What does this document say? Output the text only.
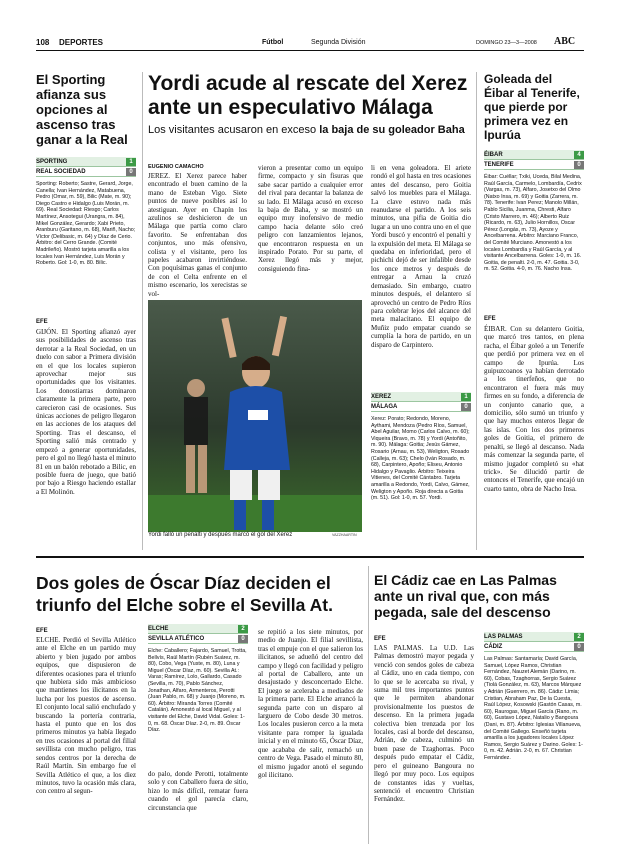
108 DEPORTES	Fútbol	Segunda División	DOMINGO 23—3—2008 ABC
El Sporting afianza sus opciones al ascenso tras ganar a la Real
SPORTING	1
REAL SOCIEDAD	0

Sporting: Roberto; Sastre, Gerard, Jorge, Canella; Ivan Hernández, Matabuena, Pedro (Omar, m. 59), Bilic (Mate, m. 90); Diego Castro e Hidalgo (Luis Morán, m. 69). Real Sociedad: Riesgo; Carlos Martínez, Ansotegui (Urangra, m. 84), Mikel González, Gerardo; Xabi Prieto, Aranburu (Garitano, m. 68), Mariñ, Nacho; Víctor (Delibasic, m. 64) y Díaz de Cerio. Árbitro: del Cerro Grande. (Comité Madrileño). Mostró tarjeta amarilla a los locales Ivan Hernández, Luis Morán y Roberto. Gol: 1-0, m. 80. Bilic.

EFE

GIJÓN. El Sporting afianzó ayer sus posibilidades de ascenso tras derrotar a la Real Sociedad, en un duelo con sabor a Primera división en el que los locales supieron aprovechar mejor sus oportunidades que los visitantes. Los donostiarras dominaron claramente la primera parte, pero carecieron casi de ocasiones. Sus únicas acciones de peligro llegaron en las acciones de los ataques del Sporting. Tras el descanso, el Sporting salió más centrado y empezó a generar oportunidades, pero el gol no llegó hasta el minuto 81 en un balón rebotado a Bilic, en posible fuera de juego, que batió por bajo a Riesgo haciendo estallar a El Molinón.

Yordi acude al rescate del Xerez ante un especulativo Málaga
Los visitantes acusaron en exceso la baja de su goleador Baha
EUGENIO CAMACHO

JEREZ. El Xerez parece haber encontrado el buen camino de la mano de Esteban Vigo. Siete puntos de nueve posibles así lo atestiguan. Ayer en Chapín los azulinos se deshicieron de un Málaga que partía como claro favorito. Se enfrentaban dos conjuntos, uno más ofensivo, colista y el visitante, pero los papeles acabaron invirtiéndose. Con poquísimas ganas el conjunto de con el Celta enfrente en el mismo escenario, los xerecistas se vol-

vieron a presentar como un equipo firme, compacto y sin fisuras que sabe sacar partido a cualquier error del rival para decantar la balanza de su lado. El Málaga acusó en exceso la baja de Baha, y se mostró un equipo muy inofensivo de medio campo hacia delante sólo creó peligro con lanzamientos lejanos, que encontraron respuesta en un inspirado Porato. Por su parte, el Xerez llegó más y mejor, consiguiendo fina-

li en vena goleadora. El ariete rondó el gol hasta en tres ocasiones antes del descanso, pero Goitia salvó los muebles para el Málaga. La clave estuvo nada más reanudarse el partido. A los seis minutos, una pifia de Goitia dio lugar a un uno contra uno en el que Yordi buscó y encontró el penalti y la expulsión del meta. El Málaga se quedaba en inferioridad, pero el pichichi dejó de ser infalible desde los once metros y después de entregar a Arnau la cruzó demasiado. Sin embargo, cuatro minutos después, el delantero sí aprovechó un centro de Pedro Ríos para celebrar lejos del alcance del meta malacitano. El equipo de Muñiz pudo empatar cuando se cumplía la hora de partido, en un disparo de Carpintero.

Yordi falló un penalti y después marcó el gol del Xerez	VAZZHAARTIN
XEREZ	1
MÁLAGA	0

Xerez: Porato; Redondo, Moreno, Aythami, Mendoza (Pedro Ríos, Samuel, Abel Aguilar, Momo (Carlos Calvo, m. 60); Viqueira (Bravo, m. 78) y Yordi (Antoñito, m. 90). Málaga: Goitia; Jesús Gámez, Rosario (Arnau, m. 53), Weligton, Rosado (Calleja, m. 63); Chelo (Iván Rosado, m. 68), Carpintero, Apoño; Eliseu, Antonio Hidalgo y Pavaglio. Árbitro: Teixeira Vitienes, del Comité Cántabro. Tarjeta amarilla a Redondo, Yordi, Calvo, Gámez, Weligton y Apoño. Roja directa a Goitia (m. 51). Gol: 1-0, m. 57. Yordi.

Goleada del Éibar al Tenerife, que pierde por primera vez en Ipurúa
ÉIBAR	4
TENERIFE	0

Éibar: Cuéllar; Txiki, Uceda, Bilal Medina, Raúl García, Carmelo, Lombardía, Cedrix (Vargas, m. 73), Alfaro, Josetxo del Olmo (Natxo Insa, m. 69) y Goitia (Zarrera, m. 78). Tenerife: Ivan Perez; Manolo Millán, Pablo Sicilia, Juanma, Chresti, Alfaro (Cristo Marrero, m. 46); Alberto Ruiz (Ricardo, m. 63), Julio Hornillos, Oscar Pérez (Longás, m. 73), Ayoze y Ancelbarrena. Árbitro: Marciano Franco, del Comité Murciano. Amonestó a los locales Lombardía y Raúl García, y al visitante Ancelbarrena. Goles: 1-0, m. 16. Goitia, de penalti. 2-0, m. 47. Goitia. 3-0, m. 52. Goitia. 4-0, m. 76. Nacho Insa.

EFE

ÉIBAR. Con su delantero Goitia, que marcó tres tantos, en plena racha, el Éibar goleó a un Tenerife que perdió por primera vez en el campo de Ipurúa. Los guipuzcoanos ya habían derrotado a los tinerfeños, que no encontraron el fuera más muy firmes en su fondo, a diferencia de un conjunto canario que, a domicilio, sólo sumó un triunfo y que hay muchos enteros llegar de las islas. Con los dos primeros goles de Goitia, el primero de penalti, se llegó al descanso. Nada más comenzar la segunda parte, el mismo jugador completó su «hat trick». Se dilucidó partir de entonces el Tenerife, que encajó un cuarto tanto, obra de Nacho Insa.

Dos goles de Óscar Díaz deciden el triunfo del Elche sobre el Sevilla At.
EFE

ELCHE. Perdió el Sevilla Atlético ante el Elche en un partido muy abierto y bien jugado por ambos equipos, que dispusieron de diferentes ocasiones para el triunfo que hubiera sido más ambicioso que mantienes los ilicitanos en la lucha por los puestos de ascenso. El conjunto local salió enchufado y buscando la portería contraria, hasta el punto que en los dos primeros minutos ya había llegado en tres ocasiones al portal del filial sevillista con mucho peligro, tras sendos centros por la derecha de Raúl Martín. Sin embargo fue el Sevilla Atlético el que, a los diez minutos, tuvo la ocasión más clara, con centro al segun-

ELCHE	2
SEVILLA ATLÉTICO	0

Elche: Caballero; Fajardo, Samuel, Trotta, Bellvís, Raúl Martín (Rubén Suárez, m. 80), Cobo, Vega (Yuste, m. 80), Luna y Miguel (Óscar Díaz, m. 60). Sevilla At.: Varas; Ramírez, Lolo, Gallardo, Casado (Sevilla, m. 70), Pablo Sánchez, Jonathan, Alfaro, Armenteros, Perotti (Juan Pablo, m. 68) y Juanjo (Moreno, m. 60). Árbitro: Miranda Torres (Comité Catalán). Amonestó al local Miguel, y al visitante del Elche, David Vidal. Goles: 1-0, m. 68. Óscar Díaz. 2-0, m. 89. Óscar Díaz.

do palo, donde Perotti, totalmente solo y con Caballero fuera de sitio, hizo lo más difícil, rematar fuera cuando el gol parecía claro, circunstancia que

se repitió a los siete minutos, por medio de Juanjo. El filial sevillista, tras el empuje con el que salieron los ilicitanos, se adueñó del centro del campo y llegó con facilidad y peligro al portal de Caballero, ante un desajustado y desconcertado Elche. El juego se aceleraba a mediados de la primera parte. El Elche arrancó la segunda parte con un disparo al larguero de Cobo desde 30 metros. Los locales pusieron cerco a la meta visitante para romper la igualada inicial y en el minuto 65, Óscar Díaz, que acababa de salir, remachó un centro de Vega. Pasado el minuto 80, el mismo jugador anotó el segundo gol ilicitano.

El Cádiz cae en Las Palmas ante un rival que, con más pegada, sale del descenso
EFE

LAS PALMAS. La U.D. Las Palmas demostró mayor pegada y venció con sendos goles de cabeza al Cádiz, uno en cada tiempo, con lo que se le acercaba su rival, y suma mil tres importantes puntos que le permiten abandonar provisionalmente los puestos de descenso. En la primera jugada colectiva bien trenzada por los locales, casi al borde del descanso, Adrián, de cabeza, culminó un buen pase de Tzaghorras. Poco después pudo empatar el Cádiz, pero el guineano Bangoura no llegó por muy poco. Los equipos de constantes idas y vueltas, sentenció el encuentro Christian Fernández.

LAS PALMAS	2
CÁDIZ	0

Las Palmas: Santamaría; David García, Samuel, López Ramos, Christian Fernández, Nauzet Alemán (Darino, m. 60), Cobas, Tzaghorras, Sergio Suárez (Tiolá González, m. 63), Marcos Márquez y Adrián (Guerrero, m. 86). Cádiz: Limia; Cristian, Abraham Paz, De la Cuesta, Raúl López, Kosowski (Gastón Casas, m. 60), Raurogas, Miguel García (Rano, m. 60), Gustavo López, Natalio y Bangoura (Dani, m. 87). Árbitro: Iglesias Villanueva, del Comité Gallego. Enseñó tarjeta amarilla a los jugadores locales López Ramos, Sergio Suárez y Darino. Goles: 1-0, m. 42. Adrián. 2-0, m. 67. Christian Fernández.
